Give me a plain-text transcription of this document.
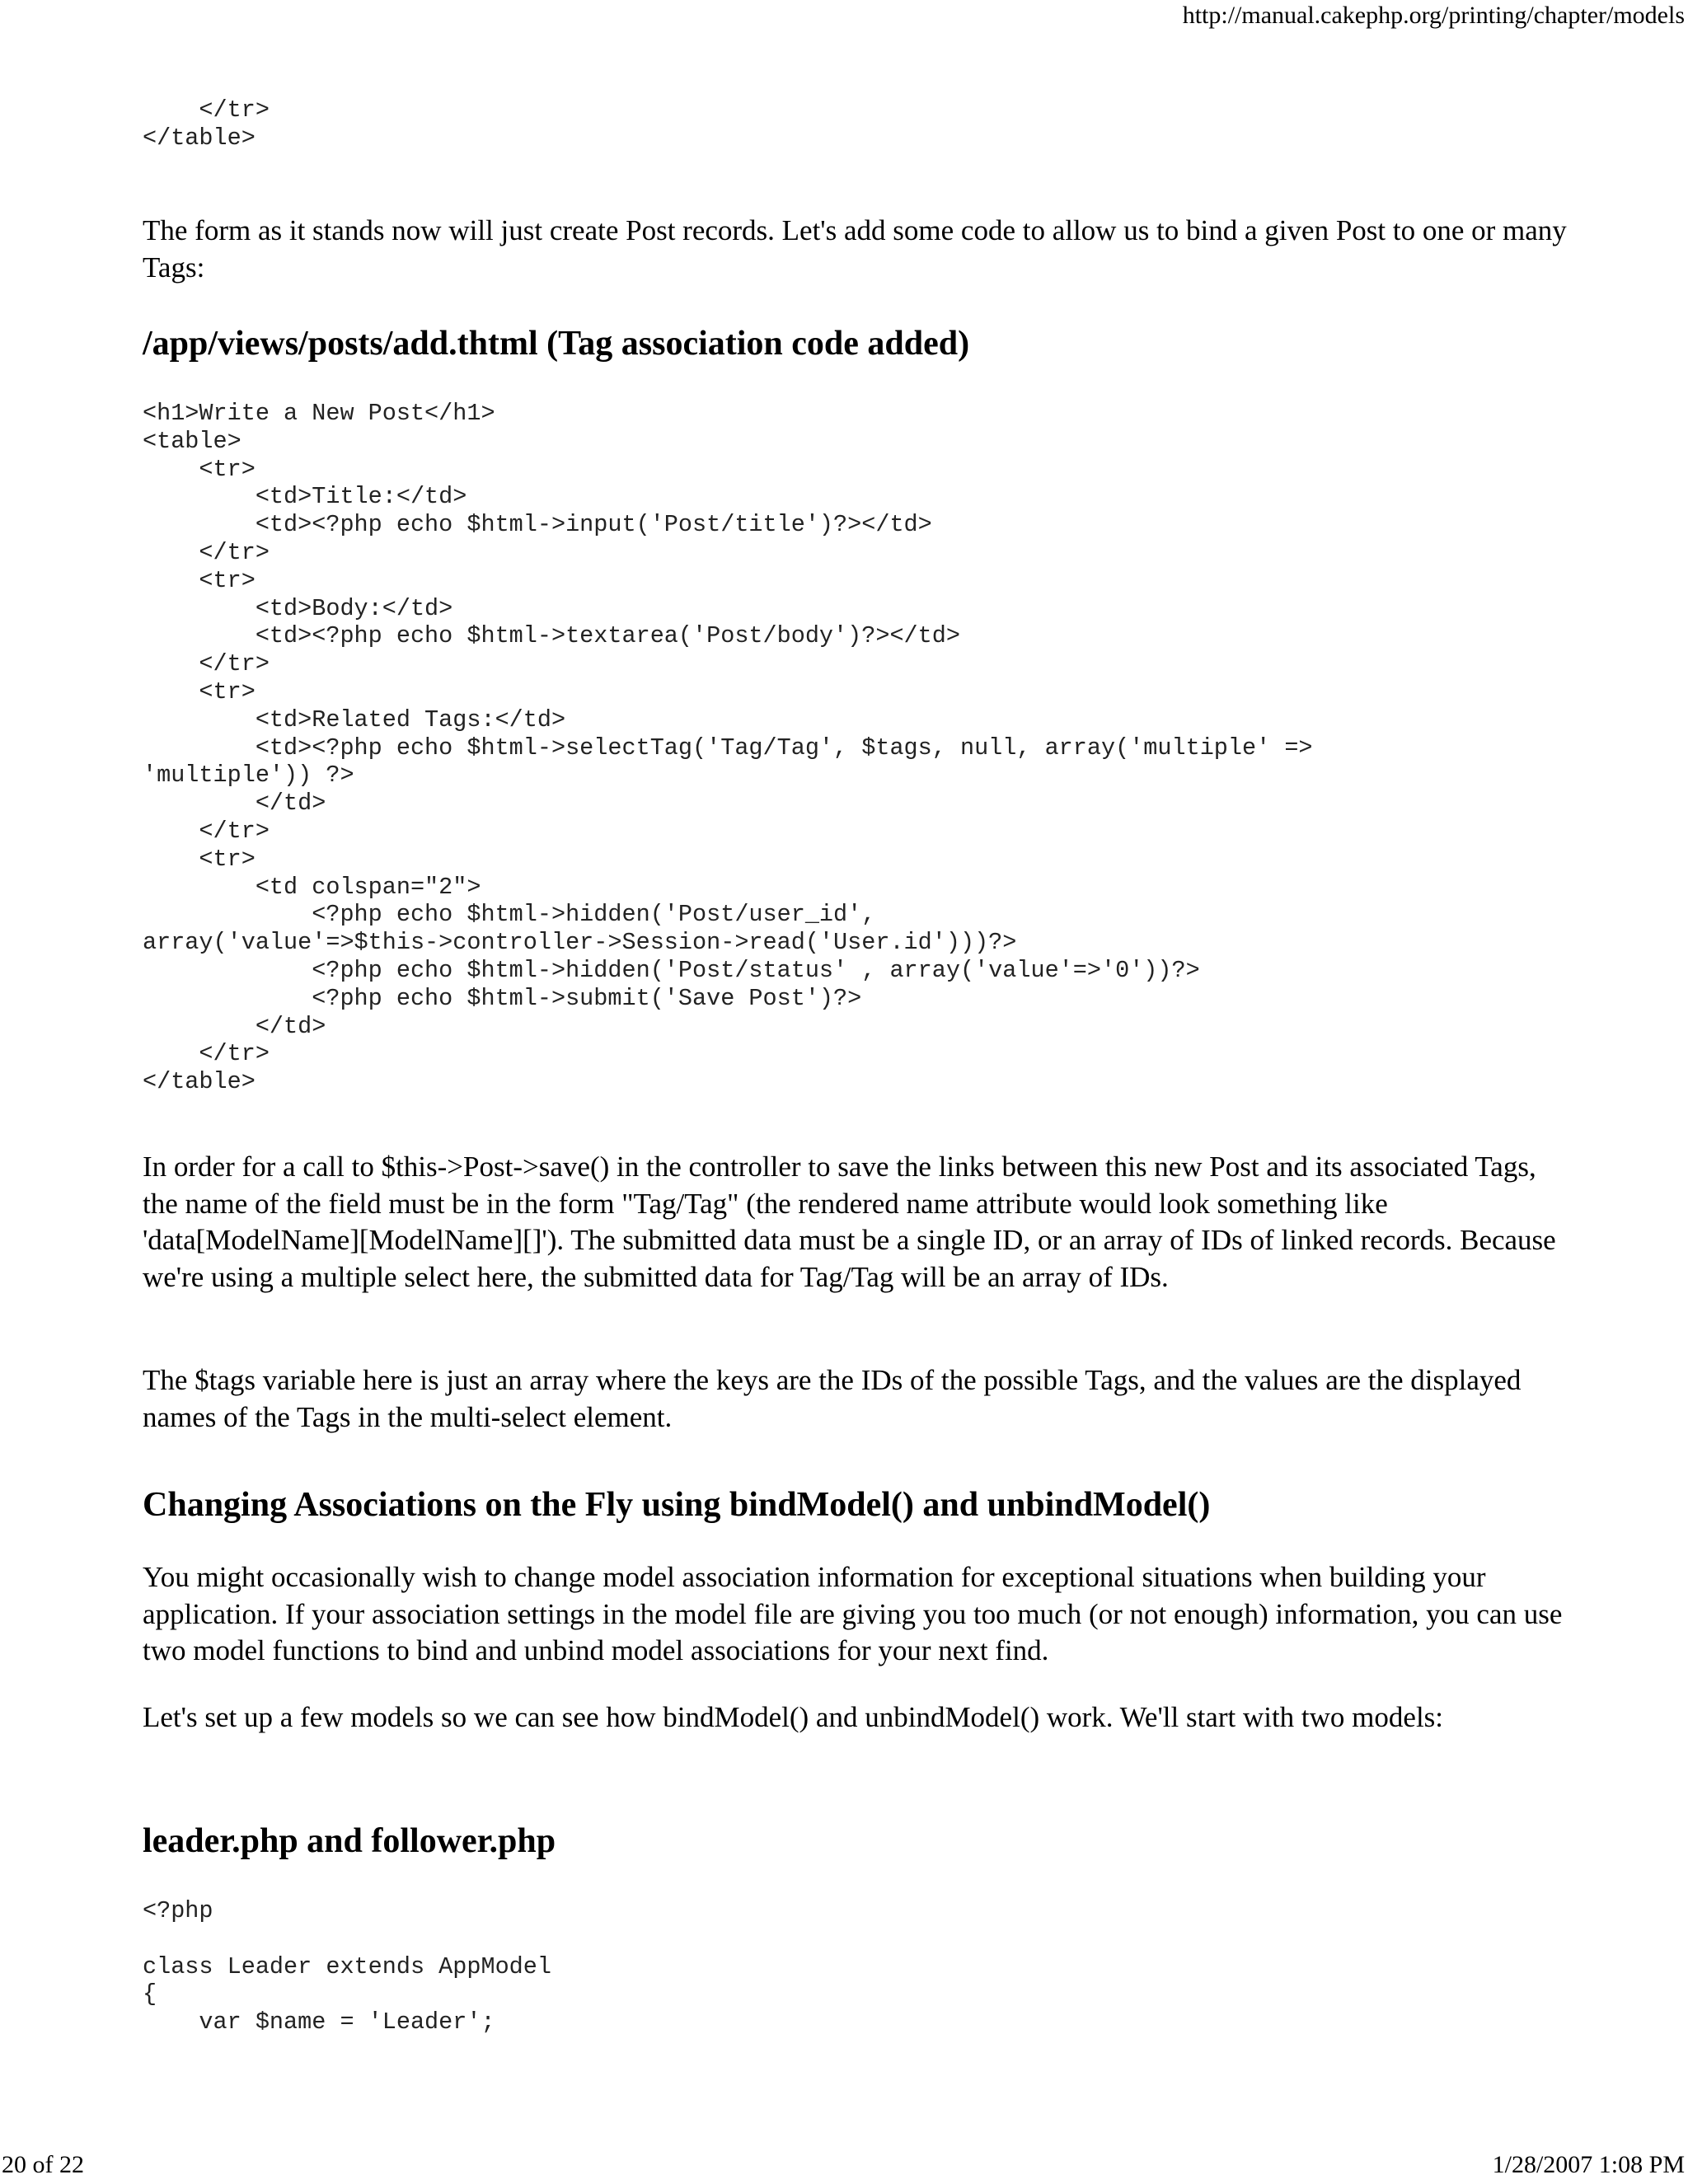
http://manual.cakephp.org/printing/chapter/models
</tr>
</table>

The form as it stands now will just create Post records. Let's add some code to allow us to bind a given Post to one or many Tags:

/app/views/posts/add.thtml (Tag association code added)
<h1>Write a New Post</h1>
<table>
<tr>
<td>Title:</td>
<td><?php echo $html->input('Post/title')?></td>
</tr>
<tr>
<td>Body:</td>
<td><?php echo $html->textarea('Post/body')?></td>
</tr>
<tr>
<td>Related Tags:</td>
<td><?php echo $html->selectTag('Tag/Tag', $tags, null, array('multiple' =>
'multiple')) ?>
</td>
</tr>
<tr>
<td colspan="2">
<?php echo $html->hidden('Post/user_id',
array('value'=>$this->controller->Session->read('User.id')))?>
<?php echo $html->hidden('Post/status' , array('value'=>'0'))?>
<?php echo $html->submit('Save Post')?>
</td>
</tr>
</table>

In order for a call to $this->Post->save() in the controller to save the links between this new Post and its associated Tags, the name of the field must be in the form "Tag/Tag" (the rendered name attribute would look something like 'data[ModelName][ModelName][]'). The submitted data must be a single ID, or an array of IDs of linked records. Because we're using a multiple select here, the submitted data for Tag/Tag will be an array of IDs.

The $tags variable here is just an array where the keys are the IDs of the possible Tags, and the values are the displayed names of the Tags in the multi-select element.

Changing Associations on the Fly using bindModel() and unbindModel()

You might occasionally wish to change model association information for exceptional situations when building your application. If your association settings in the model file are giving you too much (or not enough) information, you can use two model functions to bind and unbind model associations for your next find.

Let's set up a few models so we can see how bindModel() and unbindModel() work. We'll start with two models:

leader.php and follower.php
<?php

class Leader extends AppModel
{
var $name = 'Leader';
20 of 22	1/28/2007 1:08 PM
